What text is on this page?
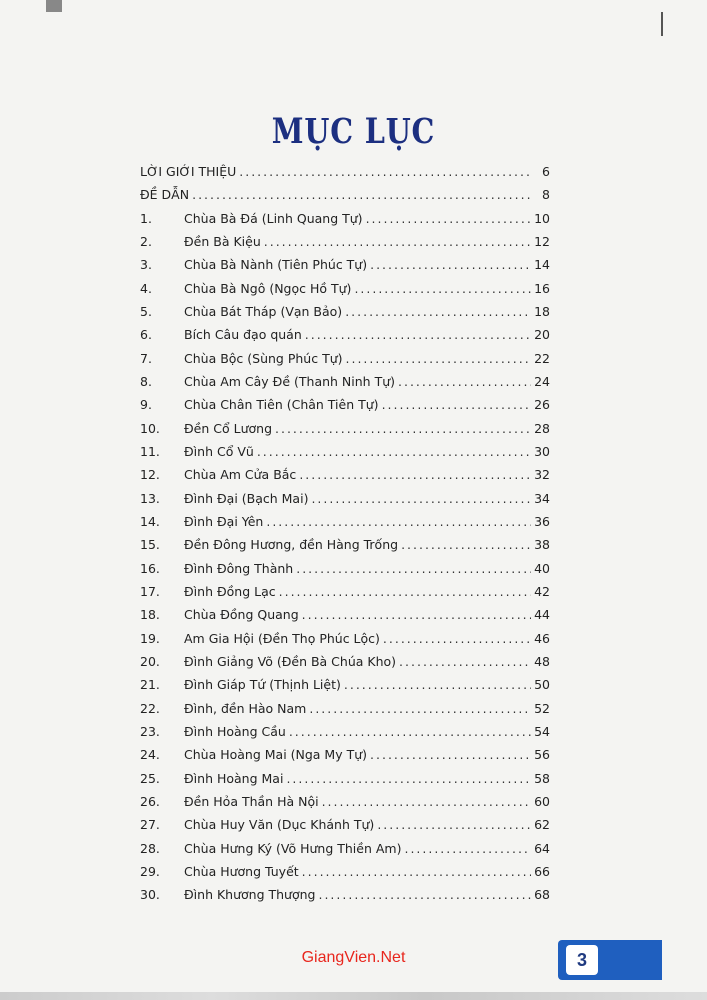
MỤC LỤC
LỜI GIỚI THIỆU .....	6
ĐỀ DẪN .....	8
1.	Chùa Bà Đá (Linh Quang Tự) .....	10
2.	Đền Bà Kiệu .....	12
3.	Chùa Bà Nành (Tiên Phúc Tự) .....	14
4.	Chùa Bà Ngô (Ngọc Hồ Tự) .....	16
5.	Chùa Bát Tháp (Vạn Bảo) .....	18
6.	Bích Câu đạo quán .....	20
7.	Chùa Bộc (Sùng Phúc Tự) .....	22
8.	Chùa Am Cây Đề (Thanh Ninh Tự) .....	24
9.	Chùa Chân Tiên (Chân Tiên Tự) .....	26
10.	Đền Cổ Lương .....	28
11.	Đình Cổ Vũ .....	30
12.	Chùa Am Cửa Bắc .....	32
13.	Đình Đại (Bạch Mai) .....	34
14.	Đình Đại Yên .....	36
15.	Đền Đông Hương, đền Hàng Trống .....	38
16.	Đình Đông Thành .....	40
17.	Đình Đồng Lạc .....	42
18.	Chùa Đồng Quang .....	44
19.	Am Gia Hội (Đền Thọ Phúc Lộc) .....	46
20.	Đình Giảng Võ (Đền Bà Chúa Kho) .....	48
21.	Đình Giáp Tứ (Thịnh Liệt) .....	50
22.	Đình, đền Hào Nam .....	52
23.	Đình Hoàng Cầu .....	54
24.	Chùa Hoàng Mai (Nga My Tự) .....	56
25.	Đình Hoàng Mai .....	58
26.	Đền Hỏa Thần Hà Nội .....	60
27.	Chùa Huy Văn (Dục Khánh Tự) .....	62
28.	Chùa Hưng Ký (Võ Hưng Thiền Am) .....	64
29.	Chùa Hương Tuyết .....	66
30.	Đình Khương Thượng .....	68
GiangVien.Net	3
